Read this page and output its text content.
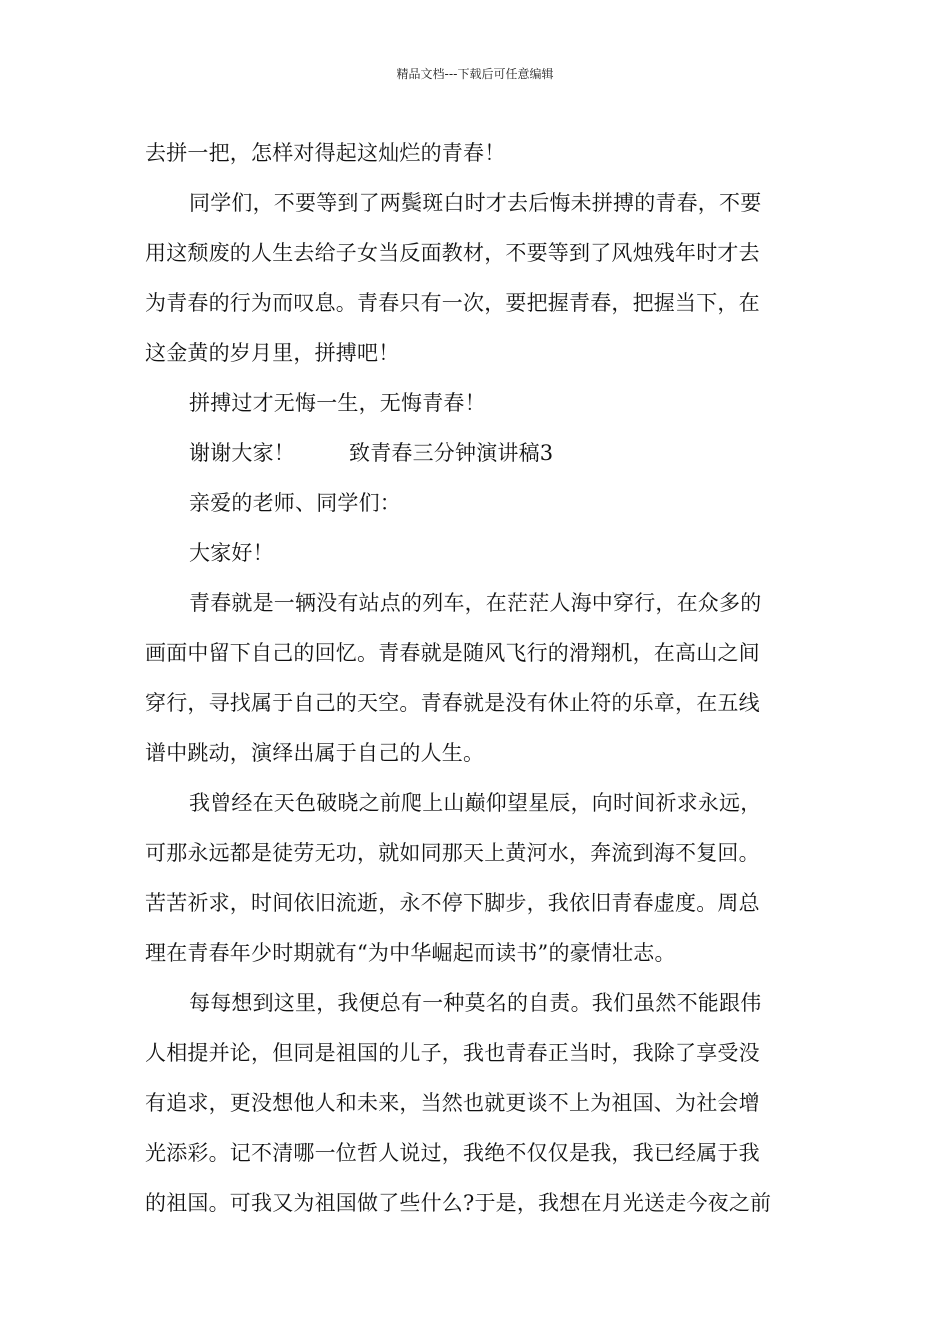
精品文档---下载后可任意编辑
去拼一把，怎样对得起这灿烂的青春！
同学们，不要等到了两鬓斑白时才去后悔未拼搏的青春，不要
用这颓废的人生去给子女当反面教材，不要等到了风烛残年时才去
为青春的行为而叹息。青春只有一次，要把握青春，把握当下，在
这金黄的岁月里，拼搏吧！
拼搏过才无悔一生，无悔青春！
谢谢大家！	致青春三分钟演讲稿3
亲爱的老师、同学们：
大家好！
青春就是一辆没有站点的列车，在茫茫人海中穿行，在众多的
画面中留下自己的回忆。青春就是随风飞行的滑翔机，在高山之间
穿行，寻找属于自己的天空。青春就是没有休止符的乐章，在五线
谱中跳动，演绎出属于自己的人生。
我曾经在天色破晓之前爬上山巅仰望星辰，向时间祈求永远，
可那永远都是徒劳无功，就如同那天上黄河水，奔流到海不复回。
苦苦祈求，时间依旧流逝，永不停下脚步，我依旧青春虚度。周总
理在青春年少时期就有“为中华崛起而读书”的豪情壮志。
每每想到这里，我便总有一种莫名的自责。我们虽然不能跟伟
人相提并论，但同是祖国的儿子，我也青春正当时，我除了享受没
有追求，更没想他人和未来，当然也就更谈不上为祖国、为社会增
光添彩。记不清哪一位哲人说过，我绝不仅仅是我，我已经属于我
的祖国。可我又为祖国做了些什么?于是，我想在月光送走今夜之前
